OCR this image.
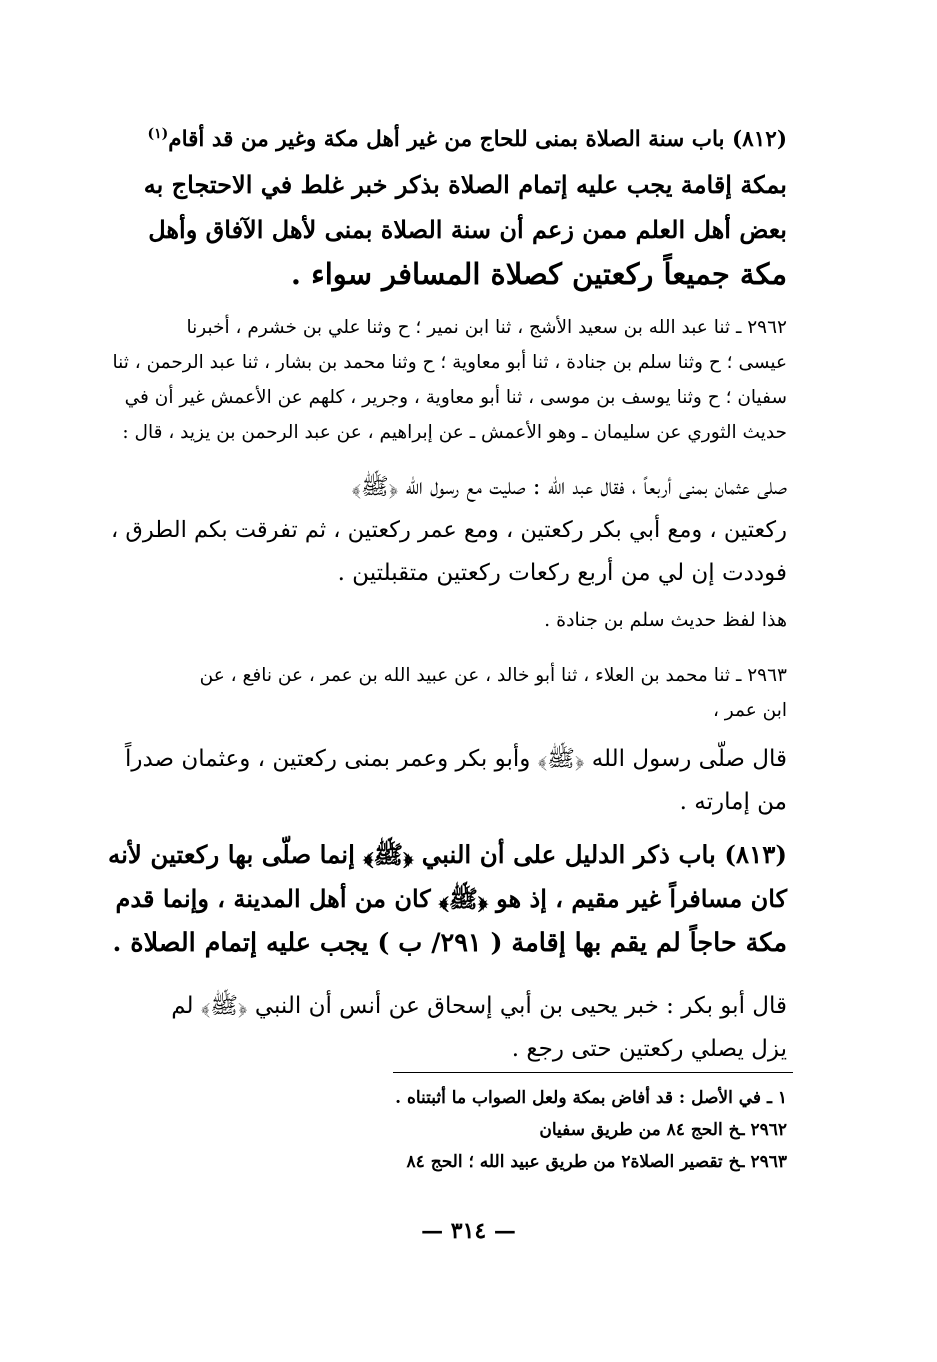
(٨١٢) باب سنة الصلاة بمنى للحاج من غير أهل مكة وغير من قد أقام$^{(١)}$
بمكة إقامة يجب عليه إتمام الصلاة بذكر خبر غلط في الاحتجاج به
بعض أهل العلم ممن زعم أن سنة الصلاة بمنى لأهل الآفاق وأهل
مكة جميعاً ركعتين كصلاة المسافر سواء .
٢٩٦٢ ـ ثنا عبد الله بن سعيد الأشج ، ثنا ابن نمير ؛ ح وثنا علي بن خشرم ، أخبرنا
عيسى ؛ ح وثنا سلم بن جنادة ، ثنا أبو معاوية ؛ ح وثنا محمد بن بشار ، ثنا عبد الرحمن ، ثنا
سفيان ؛ ح وثنا يوسف بن موسى ، ثنا أبو معاوية ، وجرير ، كلهم عن الأعمش غير أن في
حديث الثوري عن سليمان ـ وهو الأعمش ـ عن إبراهيم ، عن عبد الرحمن بن يزيد ، قال :
صلى عثمان بمنى أربعاً ، فقال عبد الله : صليت مع رسول الله ﴿ﷺ﴾
ركعتين ، ومع أبي بكر ركعتين ، ومع عمر ركعتين ، ثم تفرقت بكم الطرق ،
فوددت إن لي من أربع ركعات ركعتين متقبلتين .
هذا لفظ حديث سلم بن جنادة .
٢٩٦٣ ـ ثنا محمد بن العلاء ، ثنا أبو خالد ، عن عبيد الله بن عمر ، عن نافع ، عن
ابن عمر ،
قال صلّى رسول الله ﴿ﷺ﴾ وأبو بكر وعمر بمنى ركعتين ، وعثمان صدراً
من إمارته .
(٨١٣) باب ذكر الدليل على أن النبي ﴿ﷺ﴾ إنما صلّى بها ركعتين لأنه
كان مسافراً غير مقيم ، إذ هو ﴿ﷺ﴾ كان من أهل المدينة ، وإنما قدم
مكة حاجاً لم يقم بها إقامة ( ٢٩١/ ب ) يجب عليه إتمام الصلاة .
قال أبو بكر : خبر يحيى بن أبي إسحاق عن أنس أن النبي ﴿ﷺ﴾ لم
يزل يصلي ركعتين حتى رجع .
١ ـ في الأصل : قد أفاض بمكة ولعل الصواب ما أثبتناه .
٢٩٦٢ ـخ الحج ٨٤ من طريق سفيان
٢٩٦٣ ـخ تقصير الصلاة٢ من طريق عبيد الله ؛ الحج ٨٤
— ٣١٤ —
